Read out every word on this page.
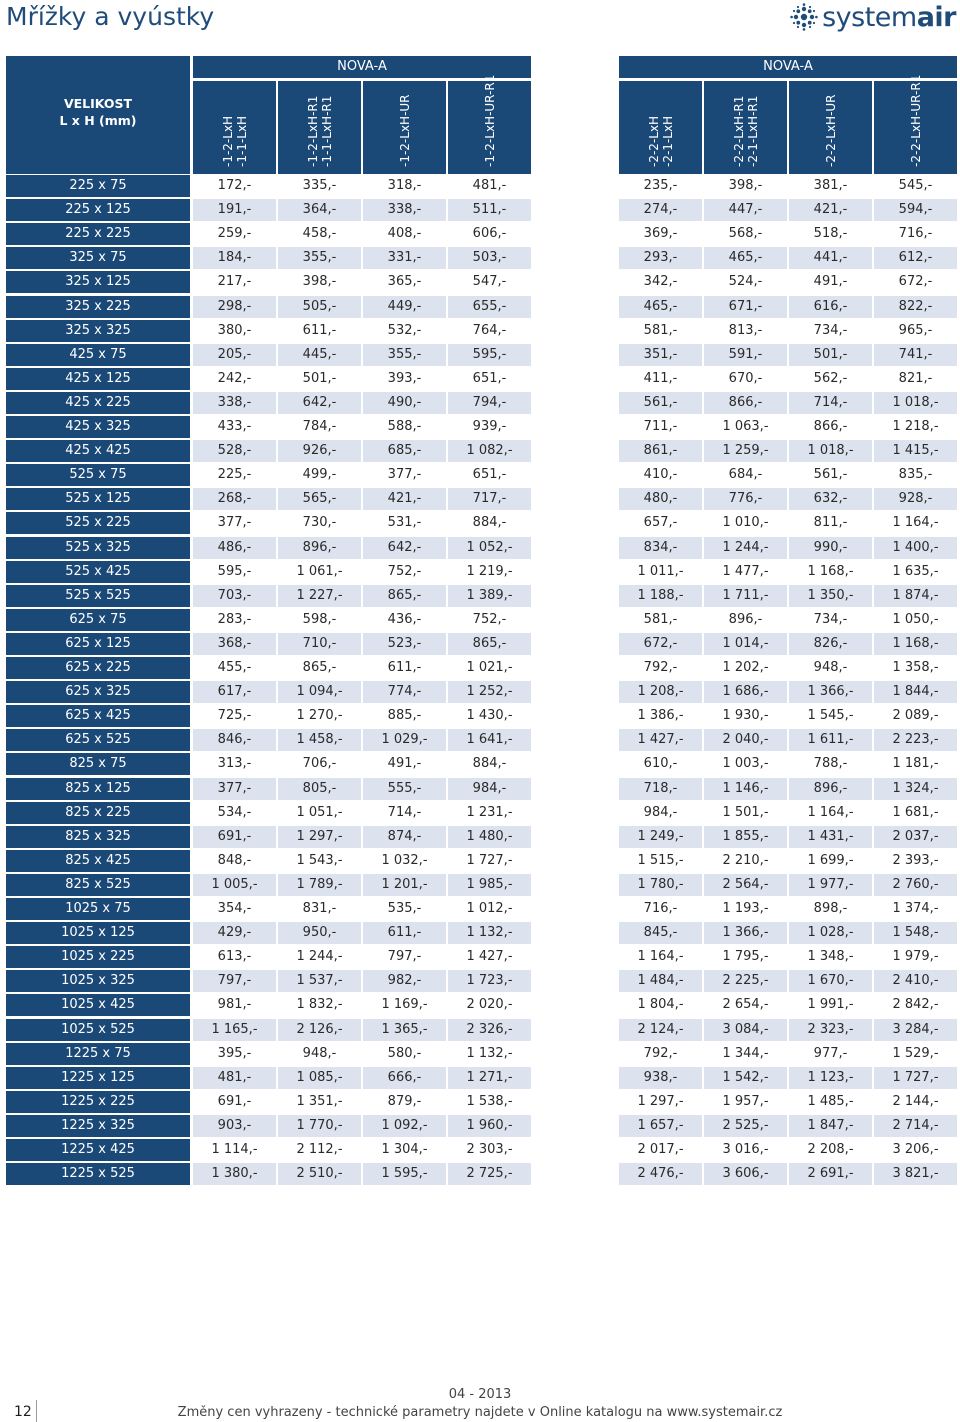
Mřížky a vyústky	systemair
VELIKOST
L x H (mm)
NOVA-A
-1-2-LxH -1-1-LxH	-1-2-LxH-R1 -1-1-LxH-R1	-1-2-LxH-UR	-1-2-LxH-UR-R1
NOVA-A
-2-2-LxH -2-1-LxH	-2-2-LxH-R1 -2-1-LxH-R1	-2-2-LxH-UR	-2-2-LxH-UR-R1
225 x 75	172,-	335,-	318,-	481,-	235,-	398,-	381,-	545,-
225 x 125	191,-	364,-	338,-	511,-	274,-	447,-	421,-	594,-
225 x 225	259,-	458,-	408,-	606,-	369,-	568,-	518,-	716,-
325 x 75	184,-	355,-	331,-	503,-	293,-	465,-	441,-	612,-
325 x 125	217,-	398,-	365,-	547,-	342,-	524,-	491,-	672,-
325 x 225	298,-	505,-	449,-	655,-	465,-	671,-	616,-	822,-
325 x 325	380,-	611,-	532,-	764,-	581,-	813,-	734,-	965,-
425 x 75	205,-	445,-	355,-	595,-	351,-	591,-	501,-	741,-
425 x 125	242,-	501,-	393,-	651,-	411,-	670,-	562,-	821,-
425 x 225	338,-	642,-	490,-	794,-	561,-	866,-	714,-	1 018,-
425 x 325	433,-	784,-	588,-	939,-	711,-	1 063,-	866,-	1 218,-
425 x 425	528,-	926,-	685,-	1 082,-	861,-	1 259,-	1 018,-	1 415,-
525 x 75	225,-	499,-	377,-	651,-	410,-	684,-	561,-	835,-
525 x 125	268,-	565,-	421,-	717,-	480,-	776,-	632,-	928,-
525 x 225	377,-	730,-	531,-	884,-	657,-	1 010,-	811,-	1 164,-
525 x 325	486,-	896,-	642,-	1 052,-	834,-	1 244,-	990,-	1 400,-
525 x 425	595,-	1 061,-	752,-	1 219,-	1 011,-	1 477,-	1 168,-	1 635,-
525 x 525	703,-	1 227,-	865,-	1 389,-	1 188,-	1 711,-	1 350,-	1 874,-
625 x 75	283,-	598,-	436,-	752,-	581,-	896,-	734,-	1 050,-
625 x 125	368,-	710,-	523,-	865,-	672,-	1 014,-	826,-	1 168,-
625 x 225	455,-	865,-	611,-	1 021,-	792,-	1 202,-	948,-	1 358,-
625 x 325	617,-	1 094,-	774,-	1 252,-	1 208,-	1 686,-	1 366,-	1 844,-
625 x 425	725,-	1 270,-	885,-	1 430,-	1 386,-	1 930,-	1 545,-	2 089,-
625 x 525	846,-	1 458,-	1 029,-	1 641,-	1 427,-	2 040,-	1 611,-	2 223,-
825 x 75	313,-	706,-	491,-	884,-	610,-	1 003,-	788,-	1 181,-
825 x 125	377,-	805,-	555,-	984,-	718,-	1 146,-	896,-	1 324,-
825 x 225	534,-	1 051,-	714,-	1 231,-	984,-	1 501,-	1 164,-	1 681,-
825 x 325	691,-	1 297,-	874,-	1 480,-	1 249,-	1 855,-	1 431,-	2 037,-
825 x 425	848,-	1 543,-	1 032,-	1 727,-	1 515,-	2 210,-	1 699,-	2 393,-
825 x 525	1 005,-	1 789,-	1 201,-	1 985,-	1 780,-	2 564,-	1 977,-	2 760,-
1025 x 75	354,-	831,-	535,-	1 012,-	716,-	1 193,-	898,-	1 374,-
1025 x 125	429,-	950,-	611,-	1 132,-	845,-	1 366,-	1 028,-	1 548,-
1025 x 225	613,-	1 244,-	797,-	1 427,-	1 164,-	1 795,-	1 348,-	1 979,-
1025 x 325	797,-	1 537,-	982,-	1 723,-	1 484,-	2 225,-	1 670,-	2 410,-
1025 x 425	981,-	1 832,-	1 169,-	2 020,-	1 804,-	2 654,-	1 991,-	2 842,-
1025 x 525	1 165,-	2 126,-	1 365,-	2 326,-	2 124,-	3 084,-	2 323,-	3 284,-
1225 x 75	395,-	948,-	580,-	1 132,-	792,-	1 344,-	977,-	1 529,-
1225 x 125	481,-	1 085,-	666,-	1 271,-	938,-	1 542,-	1 123,-	1 727,-
1225 x 225	691,-	1 351,-	879,-	1 538,-	1 297,-	1 957,-	1 485,-	2 144,-
1225 x 325	903,-	1 770,-	1 092,-	1 960,-	1 657,-	2 525,-	1 847,-	2 714,-
1225 x 425	1 114,-	2 112,-	1 304,-	2 303,-	2 017,-	3 016,-	2 208,-	3 206,-
1225 x 525	1 380,-	2 510,-	1 595,-	2 725,-	2 476,-	3 606,-	2 691,-	3 821,-
12
04 - 2013
Změny cen vyhrazeny - technické parametry najdete v Online katalogu na www.systemair.cz
